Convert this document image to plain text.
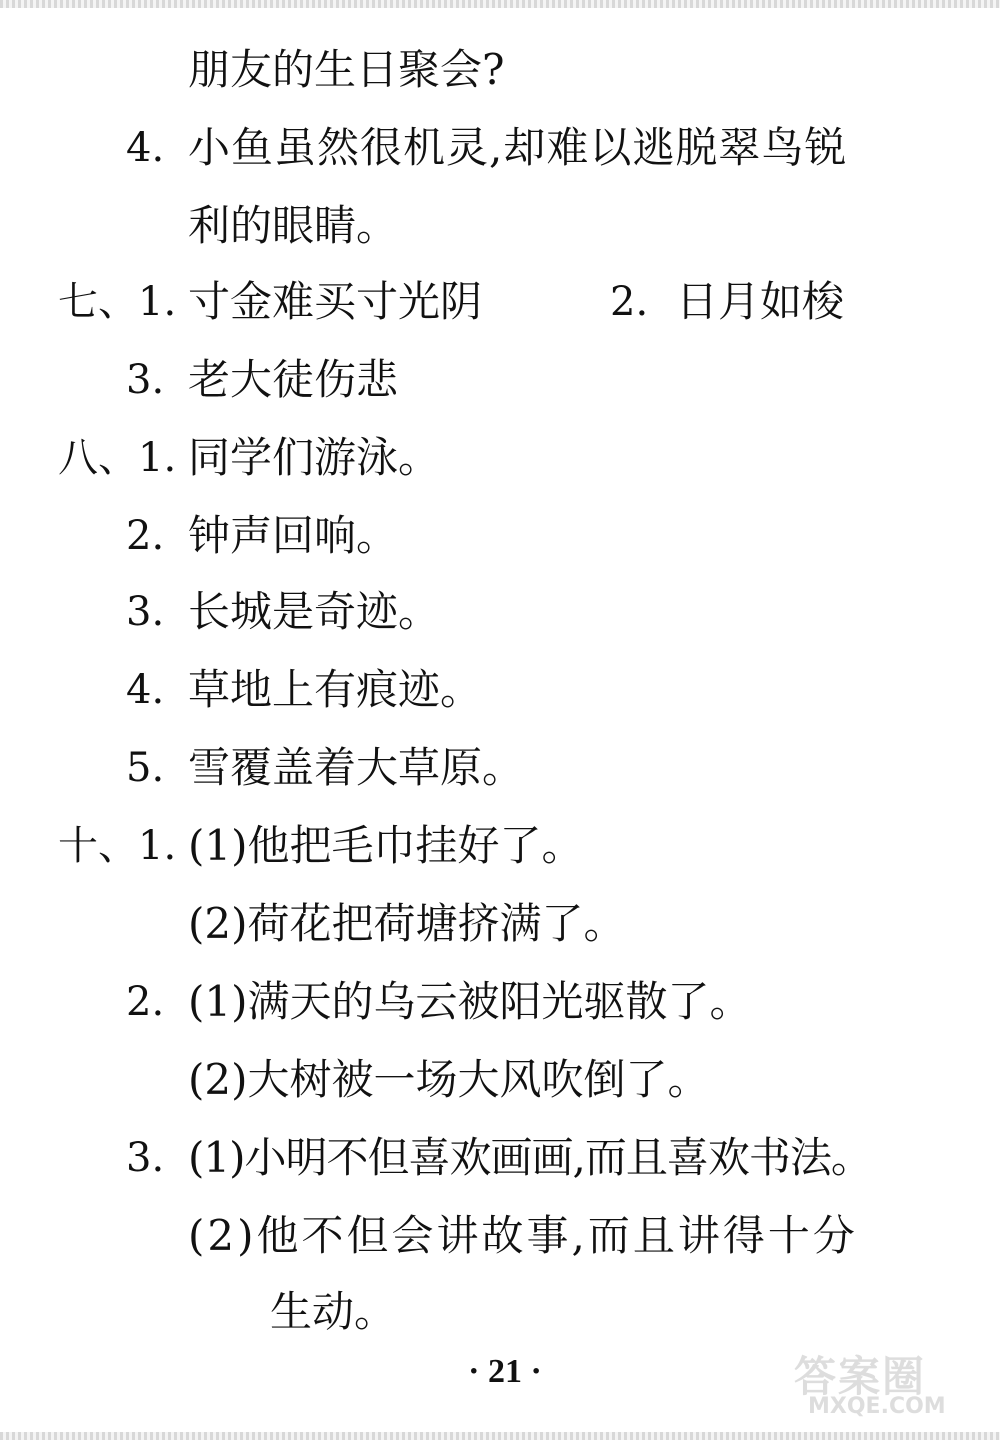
朋友的生日聚会?
4. 小鱼虽然很机灵,却难以逃脱翠鸟锐
利的眼睛。
七、1. 寸金难买寸光阴	2. 日月如梭
3. 老大徒伤悲
八、1. 同学们游泳。
2. 钟声回响。
3. 长城是奇迹。
4. 草地上有痕迹。
5. 雪覆盖着大草原。
十、1. (1)他把毛巾挂好了。
(2)荷花把荷塘挤满了。
2. (1)满天的乌云被阳光驱散了。
(2)大树被一场大风吹倒了。
3. (1)小明不但喜欢画画,而且喜欢书法。
(2)他不但会讲故事,而且讲得十分
生动。
· 21 ·	答案圈
MXQE.COM
